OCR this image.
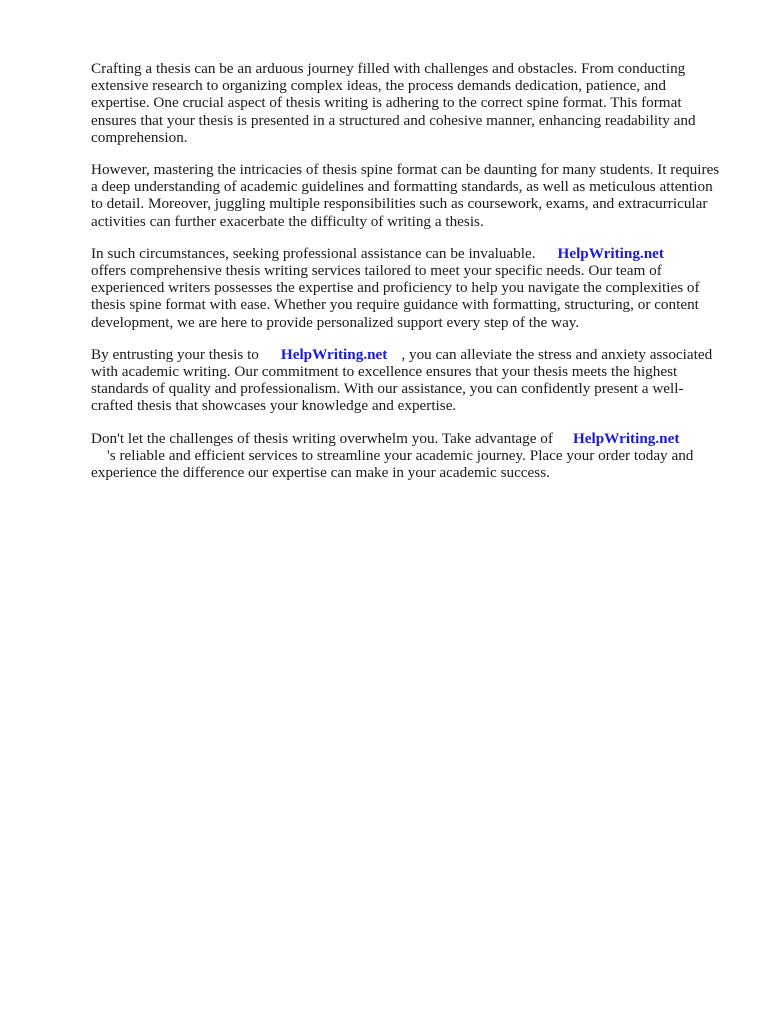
Crafting a thesis can be an arduous journey filled with challenges and obstacles. From conducting extensive research to organizing complex ideas, the process demands dedication, patience, and expertise. One crucial aspect of thesis writing is adhering to the correct spine format. This format ensures that your thesis is presented in a structured and cohesive manner, enhancing readability and comprehension.

However, mastering the intricacies of thesis spine format can be daunting for many students. It requires a deep understanding of academic guidelines and formatting standards, as well as meticulous attention to detail. Moreover, juggling multiple responsibilities such as coursework, exams, and extracurricular activities can further exacerbate the difficulty of writing a thesis.

In such circumstances, seeking professional assistance can be invaluable. HelpWriting.net
offers comprehensive thesis writing services tailored to meet your specific needs. Our team of experienced writers possesses the expertise and proficiency to help you navigate the complexities of thesis spine format with ease. Whether you require guidance with formatting, structuring, or content development, we are here to provide personalized support every step of the way.

By entrusting your thesis to HelpWriting.net , you can alleviate the stress and anxiety associated with academic writing. Our commitment to excellence ensures that your thesis meets the highest standards of quality and professionalism. With our assistance, you can confidently present a well-crafted thesis that showcases your knowledge and expertise.

Don't let the challenges of thesis writing overwhelm you. Take advantage of HelpWriting.net
's reliable and efficient services to streamline your academic journey. Place your order today and experience the difference our expertise can make in your academic success.
